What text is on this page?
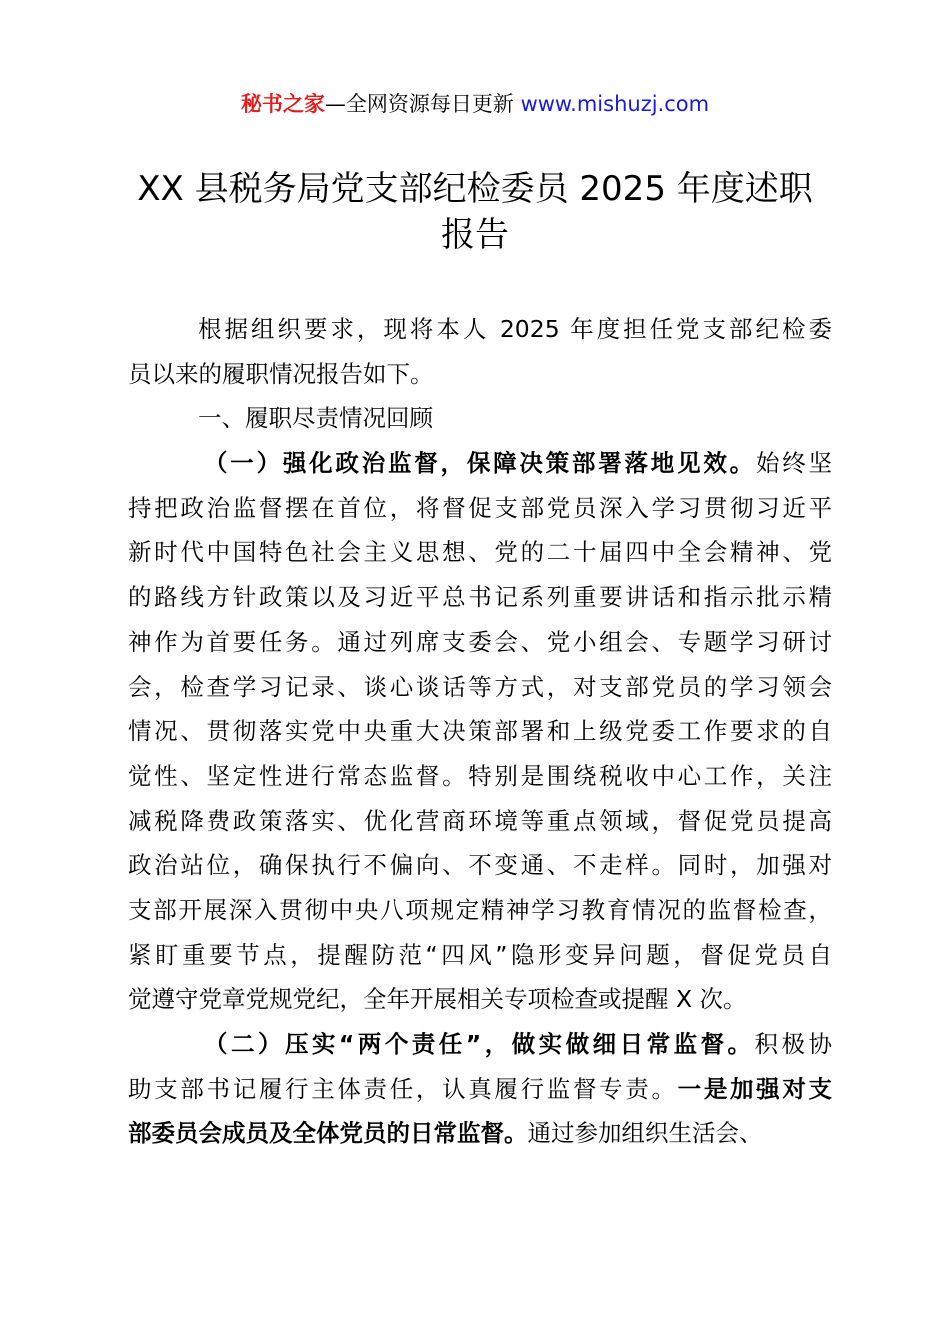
秘书之家—全网资源每日更新 www.mishuzj.com
XX 县税务局党支部纪检委员 2025 年度述职
报告
根据组织要求，现将本人 2025 年度担任党支部纪检委
员以来的履职情况报告如下。
一、履职尽责情况回顾
（一）强化政治监督，保障决策部署落地见效。始终坚
持把政治监督摆在首位，将督促支部党员深入学习贯彻习近平
新时代中国特色社会主义思想、党的二十届四中全会精神、党
的路线方针政策以及习近平总书记系列重要讲话和指示批示精
神作为首要任务。通过列席支委会、党小组会、专题学习研讨
会，检查学习记录、谈心谈话等方式，对支部党员的学习领会
情况、贯彻落实党中央重大决策部署和上级党委工作要求的自
觉性、坚定性进行常态监督。特别是围绕税收中心工作，关注
减税降费政策落实、优化营商环境等重点领域，督促党员提高
政治站位，确保执行不偏向、不变通、不走样。同时，加强对
支部开展深入贯彻中央八项规定精神学习教育情况的监督检查，
紧盯重要节点，提醒防范“四风”隐形变异问题，督促党员自
觉遵守党章党规党纪，全年开展相关专项检查或提醒 X 次。
（二）压实“两个责任”，做实做细日常监督。积极协
助支部书记履行主体责任，认真履行监督专责。一是加强对支
部委员会成员及全体党员的日常监督。通过参加组织生活会、
